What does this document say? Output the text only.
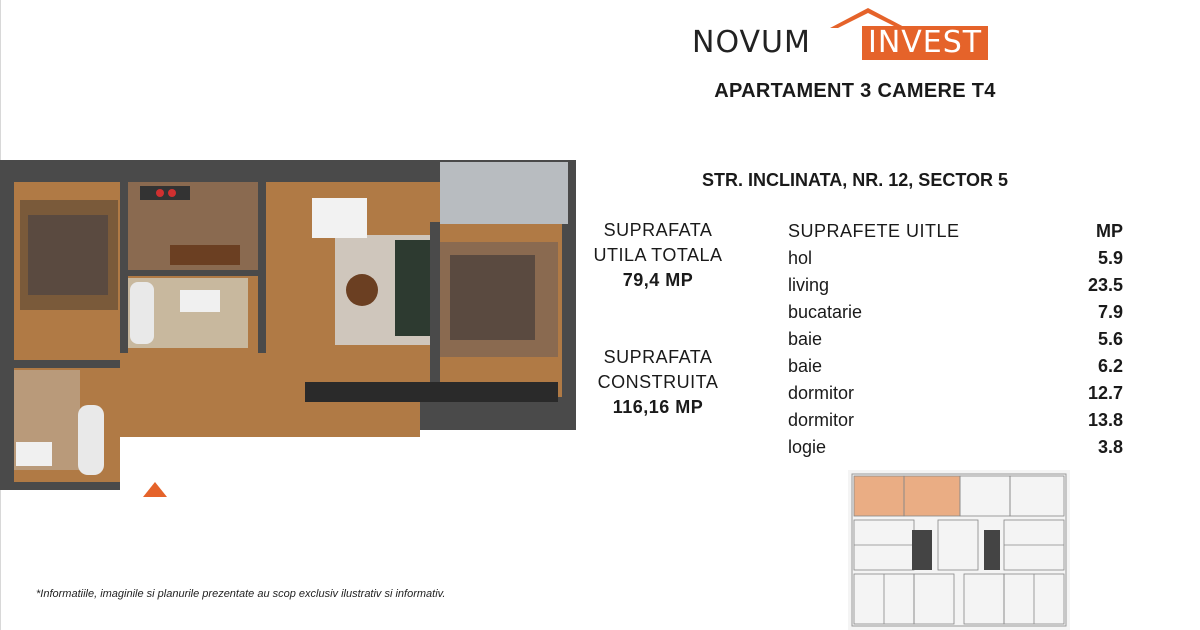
NOVUM INVEST
APARTAMENT 3 CAMERE T4
STR. INCLINATA, NR. 12, SECTOR 5
SUPRAFATA
UTILA TOTALA
79,4 MP
SUPRAFATA
CONSTRUITA
116,16 MP
SUPRAFETE UITLE	MP
hol	5.9
living	23.5
bucatarie	7.9
baie	5.6
baie	6.2
dormitor	12.7
dormitor	13.8
logie	3.8
*Informatiile, imaginile si planurile prezentate au scop exclusiv ilustrativ si informativ.
